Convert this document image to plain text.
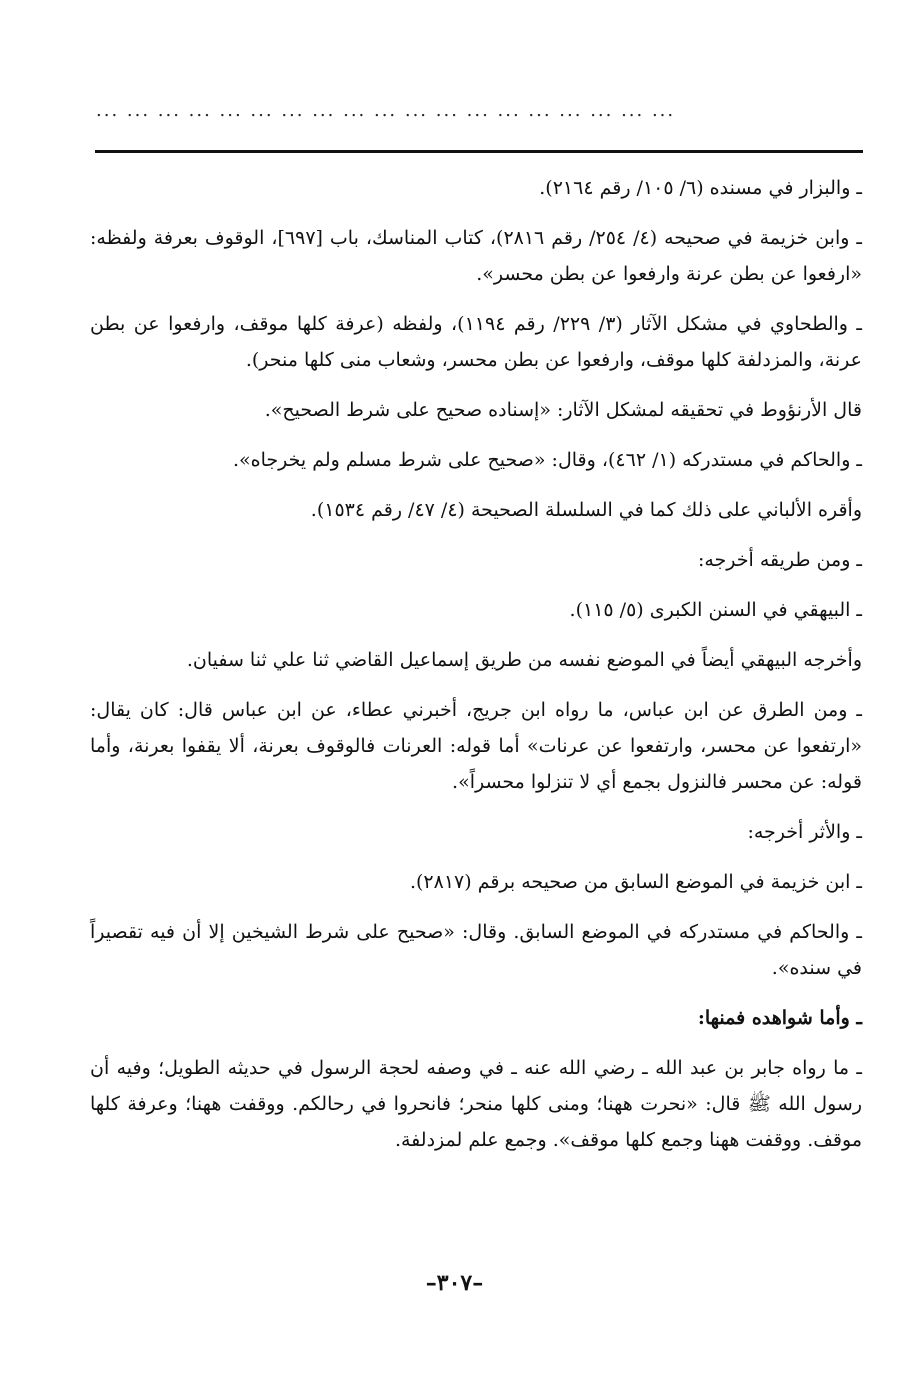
... ... ... ... ... ... ... ... ... ... ... ... ... ... ... ... ... ... ...

ـ والبزار في مسنده (٦/ ١٠٥/ رقم ٢١٦٤).

ـ وابن خزيمة في صحيحه (٤/ ٢٥٤/ رقم ٢٨١٦)، كتاب المناسك، باب [٦٩٧]، الوقوف بعرفة ولفظه: «ارفعوا عن بطن عرنة وارفعوا عن بطن محسر».

ـ والطحاوي في مشكل الآثار (٣/ ٢٢٩/ رقم ١١٩٤)، ولفظه (عرفة كلها موقف، وارفعوا عن بطن عرنة، والمزدلفة كلها موقف، وارفعوا عن بطن محسر، وشعاب منى كلها منحر).

قال الأرنؤوط في تحقيقه لمشكل الآثار: «إسناده صحيح على شرط الصحيح».

ـ والحاكم في مستدركه (١/ ٤٦٢)، وقال: «صحيح على شرط مسلم ولم يخرجاه».

وأقره الألباني على ذلك كما في السلسلة الصحيحة (٤/ ٤٧/ رقم ١٥٣٤).

ـ ومن طريقه أخرجه:

ـ البيهقي في السنن الكبرى (٥/ ١١٥).

وأخرجه البيهقي أيضاً في الموضع نفسه من طريق إسماعيل القاضي ثنا علي ثنا سفيان.

ـ ومن الطرق عن ابن عباس، ما رواه ابن جريج، أخبرني عطاء، عن ابن عباس قال: كان يقال: «ارتفعوا عن محسر، وارتفعوا عن عرنات» أما قوله: العرنات فالوقوف بعرنة، ألا يقفوا بعرنة، وأما قوله: عن محسر فالنزول بجمع أي لا تنزلوا محسراً».

ـ والأثر أخرجه:

ـ ابن خزيمة في الموضع السابق من صحيحه برقم (٢٨١٧).

ـ والحاكم في مستدركه في الموضع السابق. وقال: «صحيح على شرط الشيخين إلا أن فيه تقصيراً في سنده».

ـ وأما شواهده فمنها:

ـ ما رواه جابر بن عبد الله ـ رضي الله عنه ـ في وصفه لحجة الرسول في حديثه الطويل؛ وفيه أن رسول الله ﷺ قال: «نحرت ههنا؛ ومنى كلها منحر؛ فانحروا في رحالكم. ووقفت ههنا؛ وعرفة كلها موقف. ووقفت ههنا وجمع كلها موقف». وجمع علم لمزدلفة.

–٣٠٧–
